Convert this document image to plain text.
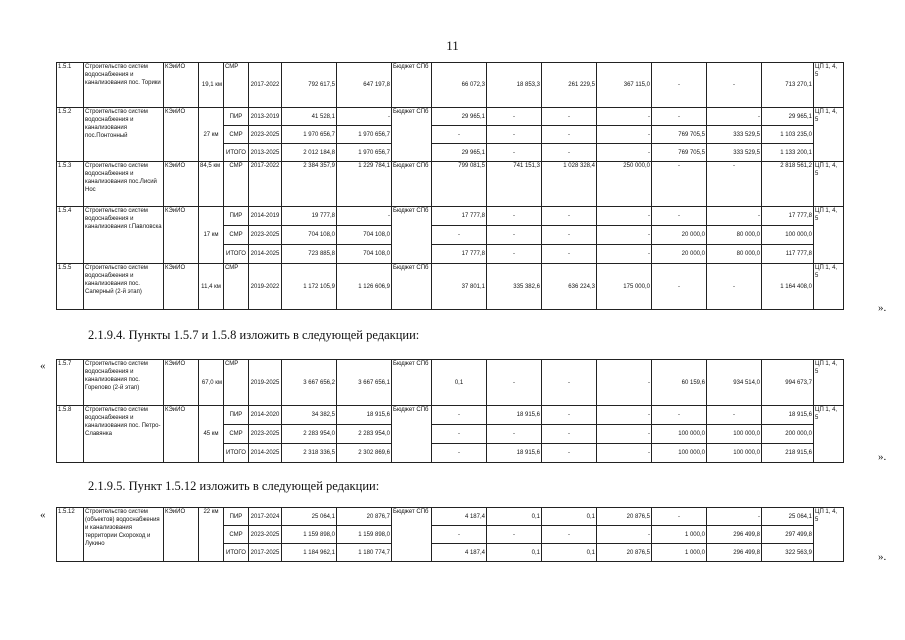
11
1.5.1	Строительство систем водоснабжения и канализования пос. Торики	КЭиИО	19,1 км	СМР	2017-2022	792 617,5	647 197,8	Бюджет СПб	66 072,3	18 853,3	261 229,5	367 115,0	-	-	713 270,1	ЦП 1, 4, 5
1.5.2	Строительство систем водоснабжения и канализования пос.Понтонный	КЭиИО	27 км	ПИР	2013-2019	41 528,1	-	Бюджет СПб	29 965,1	-	-	-	-	-	29 965,1	ЦП 1, 4, 5
				СМР	2023-2025	1 970 656,7	1 970 656,7		-	-	-	-	769 705,5	333 529,5	1 103 235,0	
				ИТОГО	2013-2025	2 012 184,8	1 970 656,7		29 965,1	-	-	-	769 705,5	333 529,5	1 133 200,1	
1.5.3	Строительство систем водоснабжения и канализования пос.Лисий Нос	КЭиИО	84,5 км	СМР	2017-2022	2 384 357,9	1 229 784,1	Бюджет СПб	799 081,5	741 151,3	1 028 328,4	250 000,0	-	-	2 818 561,2	ЦП 1, 4, 5
1.5.4	Строительство систем водоснабжения и канализования г.Павловска	КЭиИО	17 км	ПИР	2014-2019	19 777,8	-	Бюджет СПб	17 777,8	-	-	-	-	-	17 777,8	ЦП 1, 4, 5
				СМР	2023-2025	704 108,0	704 108,0		-	-	-	-	20 000,0	80 000,0	100 000,0	
				ИТОГО	2014-2025	723 885,8	704 108,0		17 777,8	-	-	-	20 000,0	80 000,0	117 777,8	
1.5.5	Строительство систем водоснабжения и канализования пос. Саперный (2-й этап)	КЭиИО	11,4 км	СМР	2019-2022	1 172 105,9	1 126 606,9	Бюджет СПб	37 801,1	335 382,6	636 224,3	175 000,0	-	-	1 164 408,0	ЦП 1, 4, 5
».
2.1.9.4. Пункты 1.5.7 и 1.5.8 изложить в следующей редакции:
« 1.5.7	Строительство систем водоснабжения и канализования пос. Горелово (2-й этап)	КЭиИО	67,0 км	СМР	2019-2025	3 667 656,2	3 667 656,1	Бюджет СПб	0,1	-	-	-	60 159,6	934 514,0	994 673,7	ЦП 1, 4, 5
1.5.8	Строительство систем водоснабжения и канализования пос. Петро-Славянка	КЭиИО	45 км	ПИР	2014-2020	34 382,5	18 915,6	Бюджет СПб	-	18 915,6	-	-	-	-	18 915,6	ЦП 1, 4, 5
				СМР	2023-2025	2 283 954,0	2 283 954,0		-	-	-	-	100 000,0	100 000,0	200 000,0	
				ИТОГО	2014-2025	2 318 336,5	2 302 869,6		-	18 915,6	-	-	100 000,0	100 000,0	218 915,6		».
2.1.9.5. Пункт 1.5.12 изложить в следующей редакции:
« 1.5.12	Строительство систем (объектов) водоснабжения и канализования территории Скороход и Лукино	КЭиИО	22 км	ПИР	2017-2024	25 064,1	20 876,7	Бюджет СПб	4 187,4	0,1	0,1	20 876,5	-	-	25 064,1	ЦП 1, 4, 5
				СМР	2023-2025	1 159 898,0	1 159 898,0		-	-	-	-	1 000,0	296 499,8	297 499,8	
				ИТОГО	2017-2025	1 184 962,1	1 180 774,7		4 187,4	0,1	0,1	20 876,5	1 000,0	296 499,8	322 563,9		».
